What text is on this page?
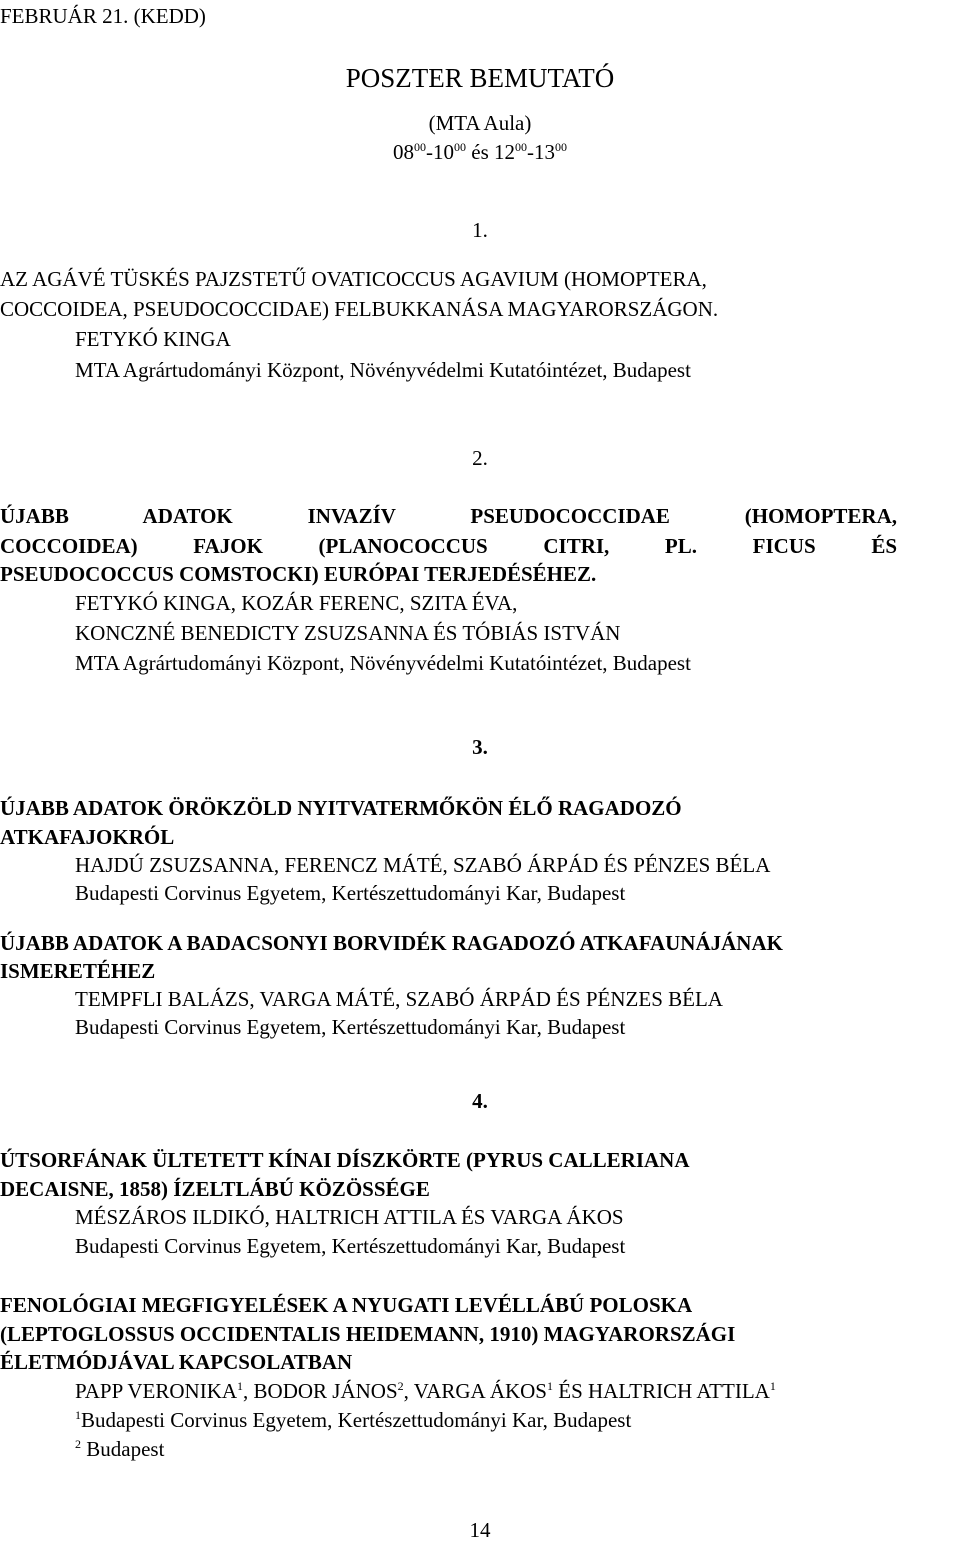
FEBRUÁR 21. (KEDD)
POSZTER BEMUTATÓ
(MTA Aula)
$08^{00}-10^{00}$ és $12^{00}-13^{00}$
1.
AZ AGÁVÉ TÜSKÉS PAJZSTETŰ OVATICOCCUS AGAVIUM (HOMOPTERA,
COCCOIDEA, PSEUDOCOCCIDAE) FELBUKKANÁSA MAGYARORSZÁGON.
FETYKÓ KINGA
MTA Agrártudományi Központ, Növényvédelmi Kutatóintézet, Budapest
2.
ÚJABB ADATOK INVAZÍV PSEUDOCOCCIDAE (HOMOPTERA,
COCCOIDEA) FAJOK (PLANOCOCCUS CITRI, PL. FICUS ÉS
PSEUDOCOCCUS COMSTOCKI) EURÓPAI TERJEDÉSÉHEZ.
FETYKÓ KINGA, KOZÁR FERENC, SZITA ÉVA,
KONCZNÉ BENEDICTY ZSUZSANNA ÉS TÓBIÁS ISTVÁN
MTA Agrártudományi Központ, Növényvédelmi Kutatóintézet, Budapest
3.
ÚJABB ADATOK ÖRÖKZÖLD NYITVATERMŐKÖN ÉLŐ RAGADOZÓ
ATKAFAJOKRÓL
HAJDÚ ZSUZSANNA, FERENCZ MÁTÉ, SZABÓ ÁRPÁD ÉS PÉNZES BÉLA
Budapesti Corvinus Egyetem, Kertészettudományi Kar, Budapest
ÚJABB ADATOK A BADACSONYI BORVIDÉK RAGADOZÓ ATKAFAUNÁJÁNAK
ISMERETÉHEZ
TEMPFLI BALÁZS, VARGA MÁTÉ, SZABÓ ÁRPÁD ÉS PÉNZES BÉLA
Budapesti Corvinus Egyetem, Kertészettudományi Kar, Budapest
4.
ÚTSORFÁNAK ÜLTETETT KÍNAI DÍSZKÖRTE (PYRUS CALLERIANA
DECAISNE, 1858) ÍZELTLÁBÚ KÖZÖSSÉGE
MÉSZÁROS ILDIKÓ, HALTRICH ATTILA ÉS VARGA ÁKOS
Budapesti Corvinus Egyetem, Kertészettudományi Kar, Budapest
FENOLÓGIAI MEGFIGYELÉSEK A NYUGATI LEVÉLLÁBÚ POLOSKA
(LEPTOGLOSSUS OCCIDENTALIS HEIDEMANN, 1910) MAGYARORSZÁGI
ÉLETMÓDJÁVAL KAPCSOLATBAN
PAPP VERONIKA$^1$, BODOR JÁNOS$^2$, VARGA ÁKOS$^1$ ÉS HALTRICH ATTILA$^1$
$^1$Budapesti Corvinus Egyetem, Kertészettudományi Kar, Budapest
$^2$ Budapest
14
